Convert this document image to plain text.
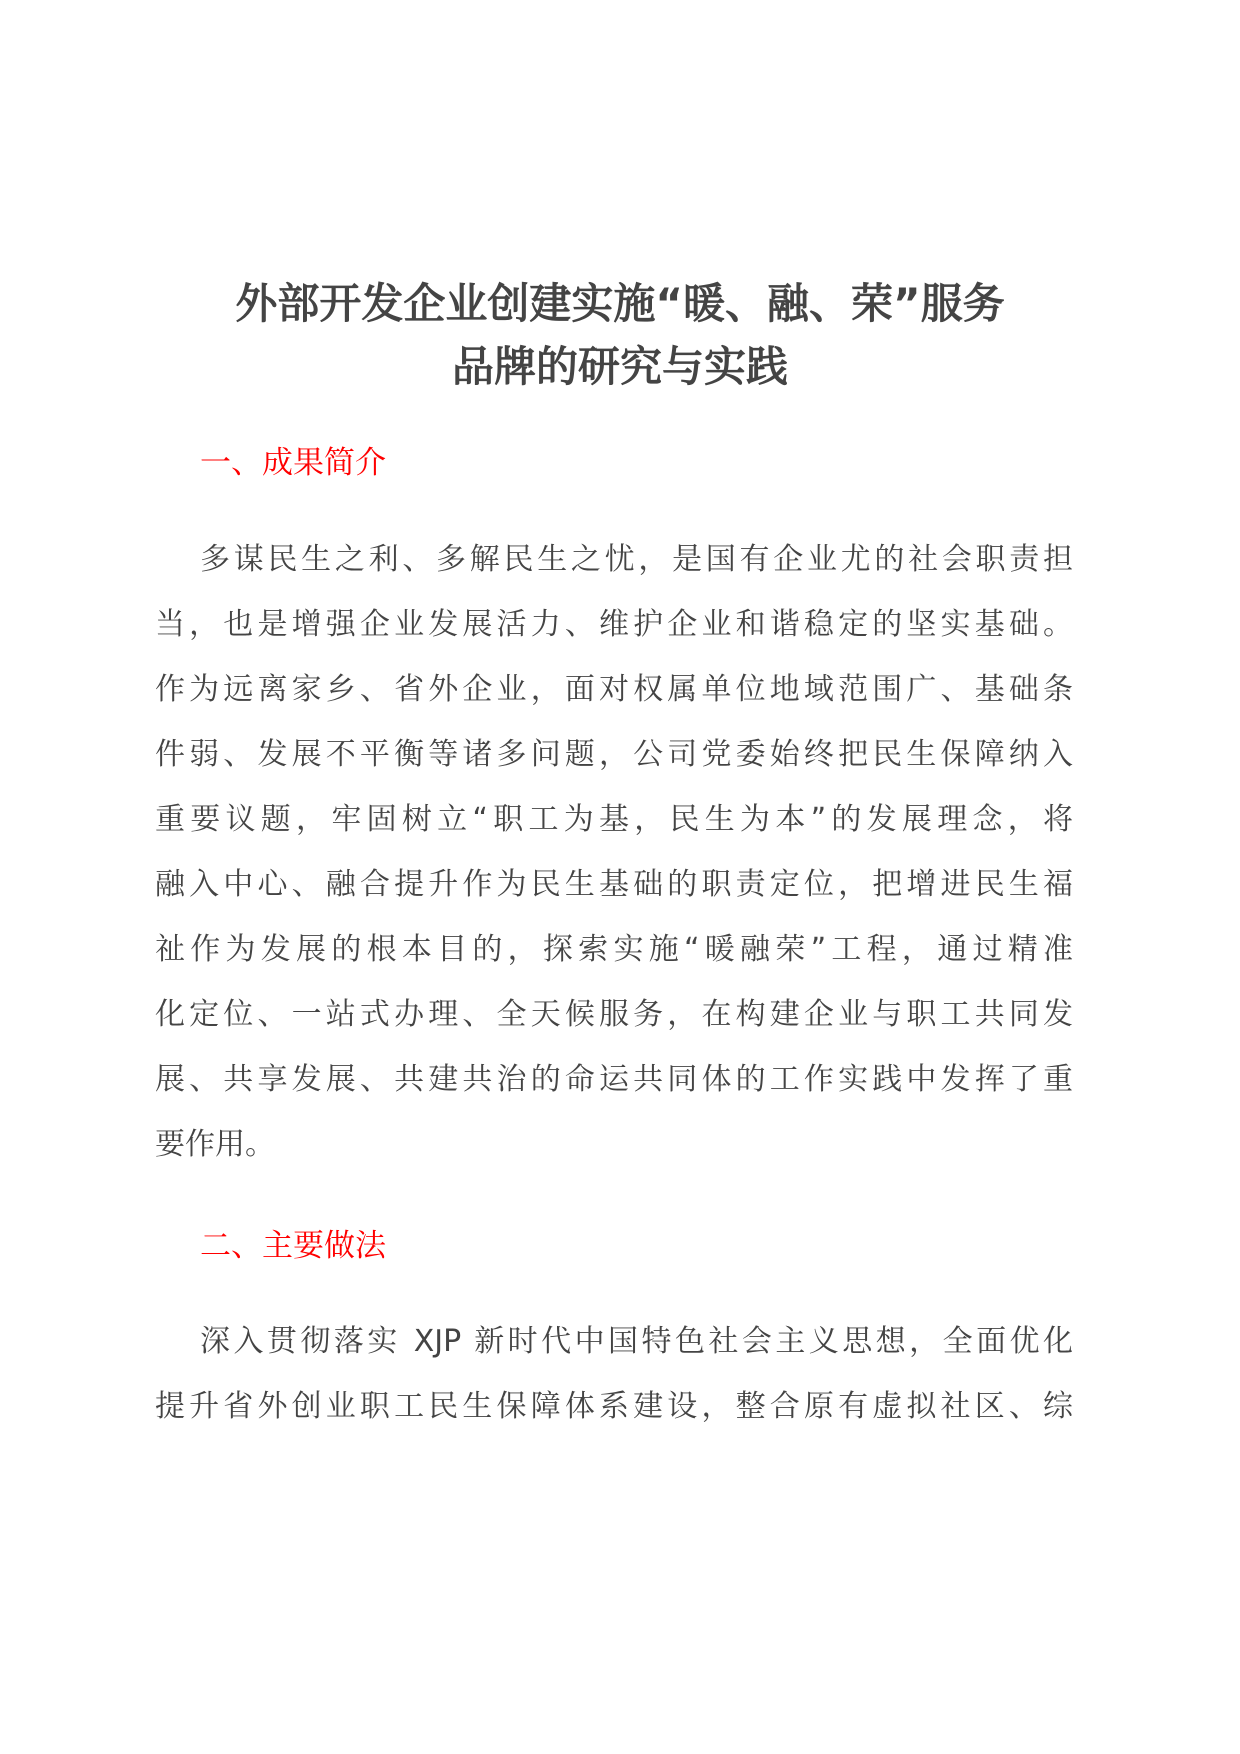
外部开发企业创建实施“暖、融、荣”服务
品牌的研究与实践
一、成果简介
多谋民生之利、多解民生之忧，是国有企业尤的社会职责担
当，也是增强企业发展活力、维护企业和谐稳定的坚实基础。
作为远离家乡、省外企业，面对权属单位地域范围广、基础条
件弱、发展不平衡等诸多问题，公司党委始终把民生保障纳入
重要议题，牢固树立“职工为基，民生为本”的发展理念，将
融入中心、融合提升作为民生基础的职责定位，把增进民生福
祉作为发展的根本目的，探索实施“暖融荣”工程，通过精准
化定位、一站式办理、全天候服务，在构建企业与职工共同发
展、共享发展、共建共治的命运共同体的工作实践中发挥了重
要作用。
二、主要做法
深入贯彻落实 XJP 新时代中国特色社会主义思想，全面优化
提升省外创业职工民生保障体系建设，整合原有虚拟社区、综
